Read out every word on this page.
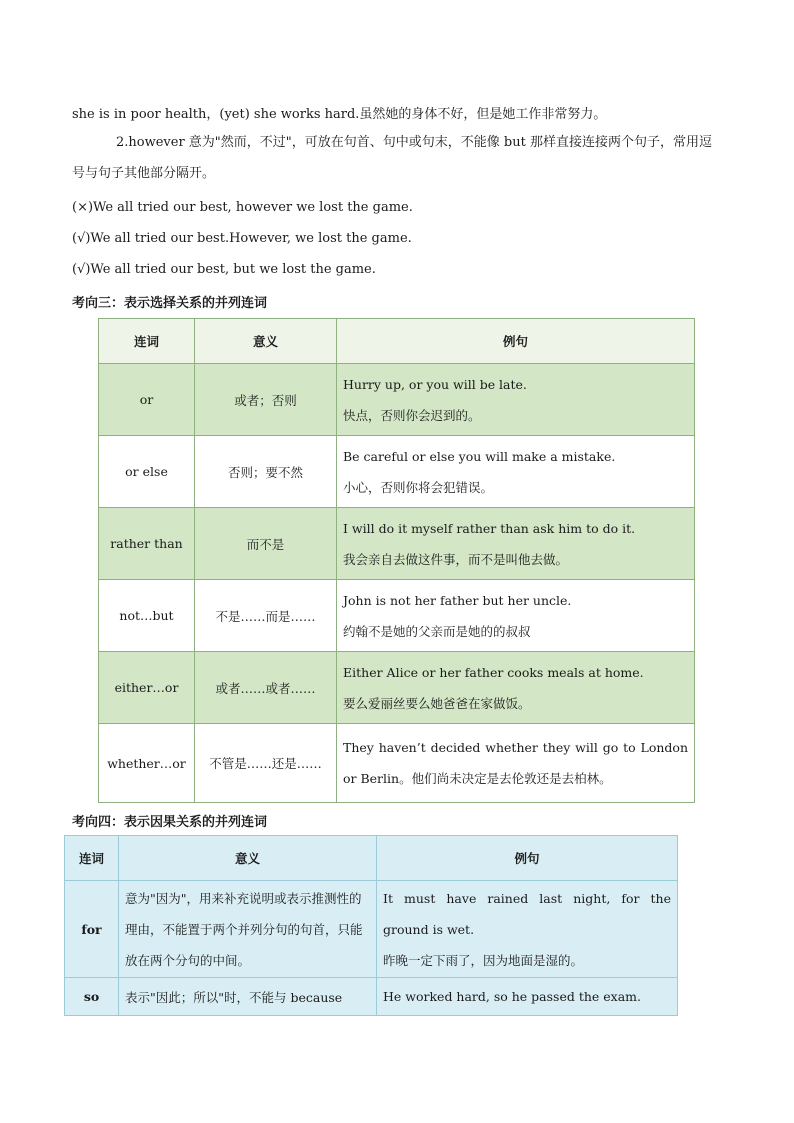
she is in poor health，(yet) she works hard.虽然她的身体不好，但是她工作非常努力。
2.however 意为"然而，不过"，可放在句首、句中或句末，不能像 but 那样直接连接两个句子，常用逗号与句子其他部分隔开。
(×)We all tried our best, however we lost the game.
(√)We all tried our best.However, we lost the game.
(√)We all tried our best, but we lost the game.
考向三：表示选择关系的并列连词
连词	意义	例句
or	或者；否则	Hurry up, or you will be late.
快点，否则你会迟到的。

or else	否则；要不然	Be careful or else you will make a mistake.
小心，否则你将会犯错误。

rather than	而不是	I will do it myself rather than ask him to do it.
我会亲自去做这件事，而不是叫他去做。

not…but	不是……而是……	John is not her father but her uncle.
约翰不是她的父亲而是她的的叔叔

either…or	或者……或者……	Either Alice or her father cooks meals at home.
要么爱丽丝要么她爸爸在家做饭。

whether…or	不管是……还是……	They haven’t decided whether they will go to London or Berlin。他们尚未决定是去伦敦还是去柏林。
考向四：表示因果关系的并列连词
连词	意义	例句
for	意为"因为"，用来补充说明或表示推测性的理由，不能置于两个并列分句的句首，只能放在两个分句的中间。	It must have rained last night, for the ground is wet.
昨晚一定下雨了，因为地面是湿的。

so	表示"因此；所以"时，不能与 because	He worked hard, so he passed the exam.
